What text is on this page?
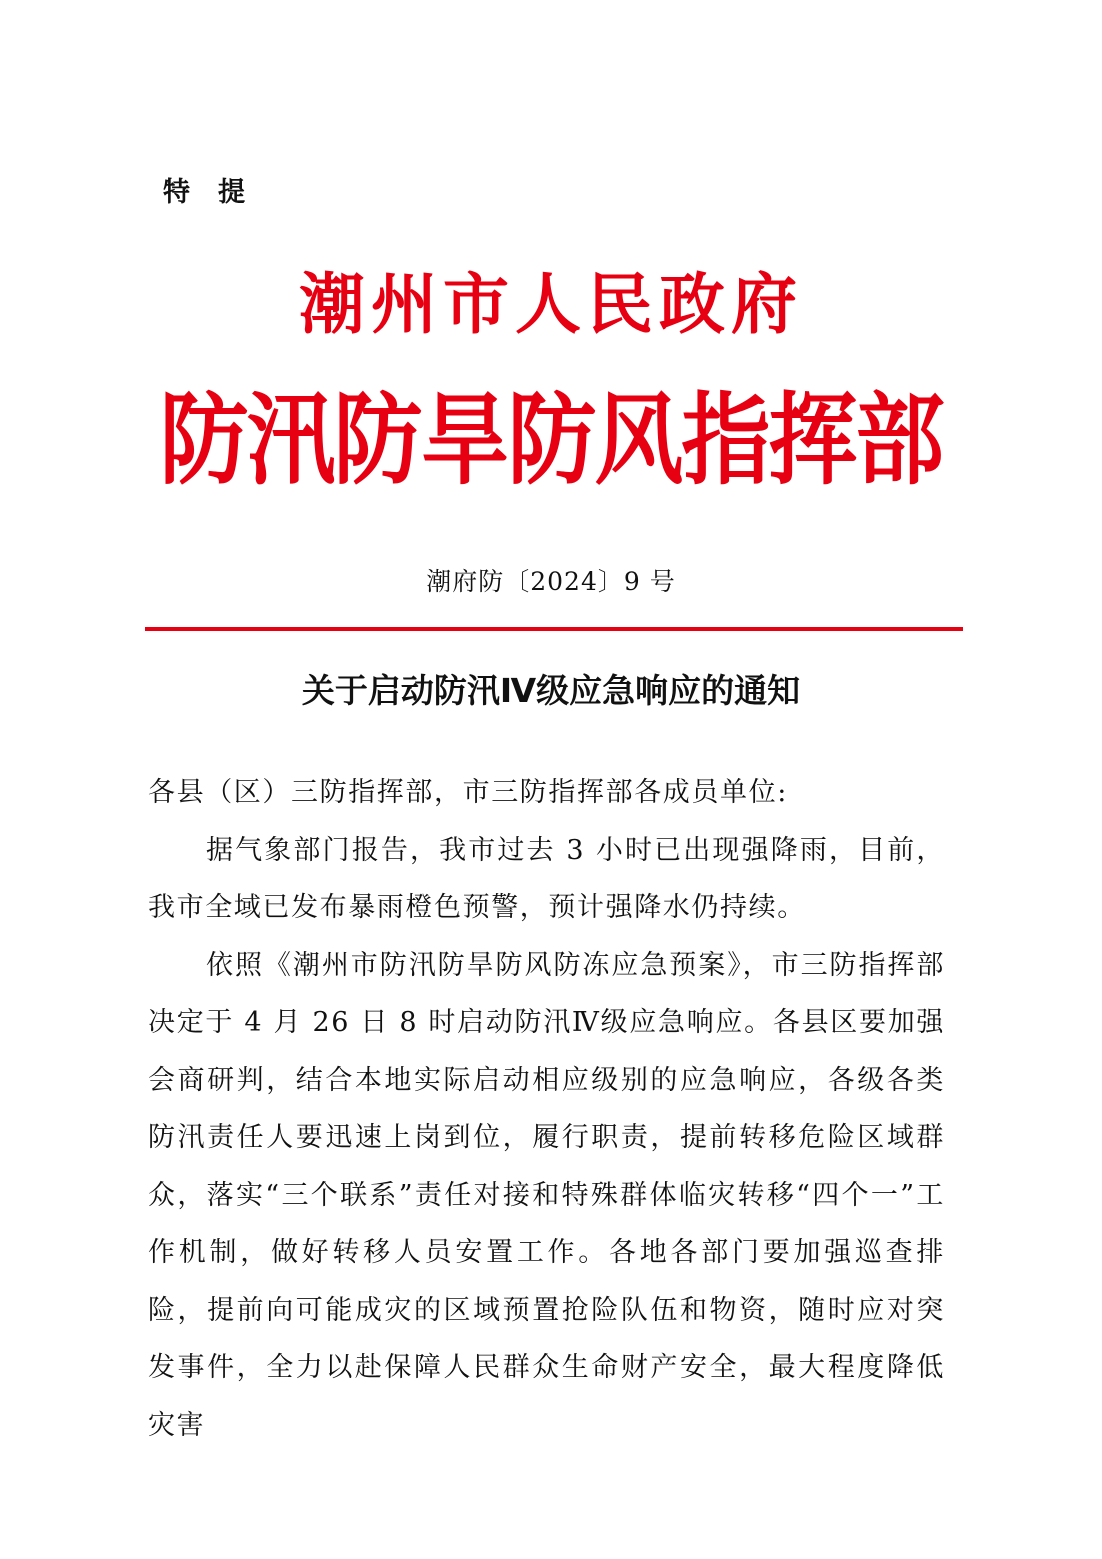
特 提
潮州市人民政府
防汛防旱防风指挥部
潮府防〔2024〕9 号
关于启动防汛Ⅳ级应急响应的通知

各县（区）三防指挥部，市三防指挥部各成员单位:

据气象部门报告，我市过去 3 小时已出现强降雨，目前，我市全域已发布暴雨橙色预警，预计强降水仍持续。

依照《潮州市防汛防旱防风防冻应急预案》，市三防指挥部决定于 4 月 26 日 8 时启动防汛Ⅳ级应急响应。各县区要加强会商研判，结合本地实际启动相应级别的应急响应，各级各类防汛责任人要迅速上岗到位，履行职责，提前转移危险区域群众，落实“三个联系”责任对接和特殊群体临灾转移“四个一”工作机制，做好转移人员安置工作。各地各部门要加强巡查排险，提前向可能成灾的区域预置抢险队伍和物资，随时应对突发事件，全力以赴保障人民群众生命财产安全，最大程度降低灾害
